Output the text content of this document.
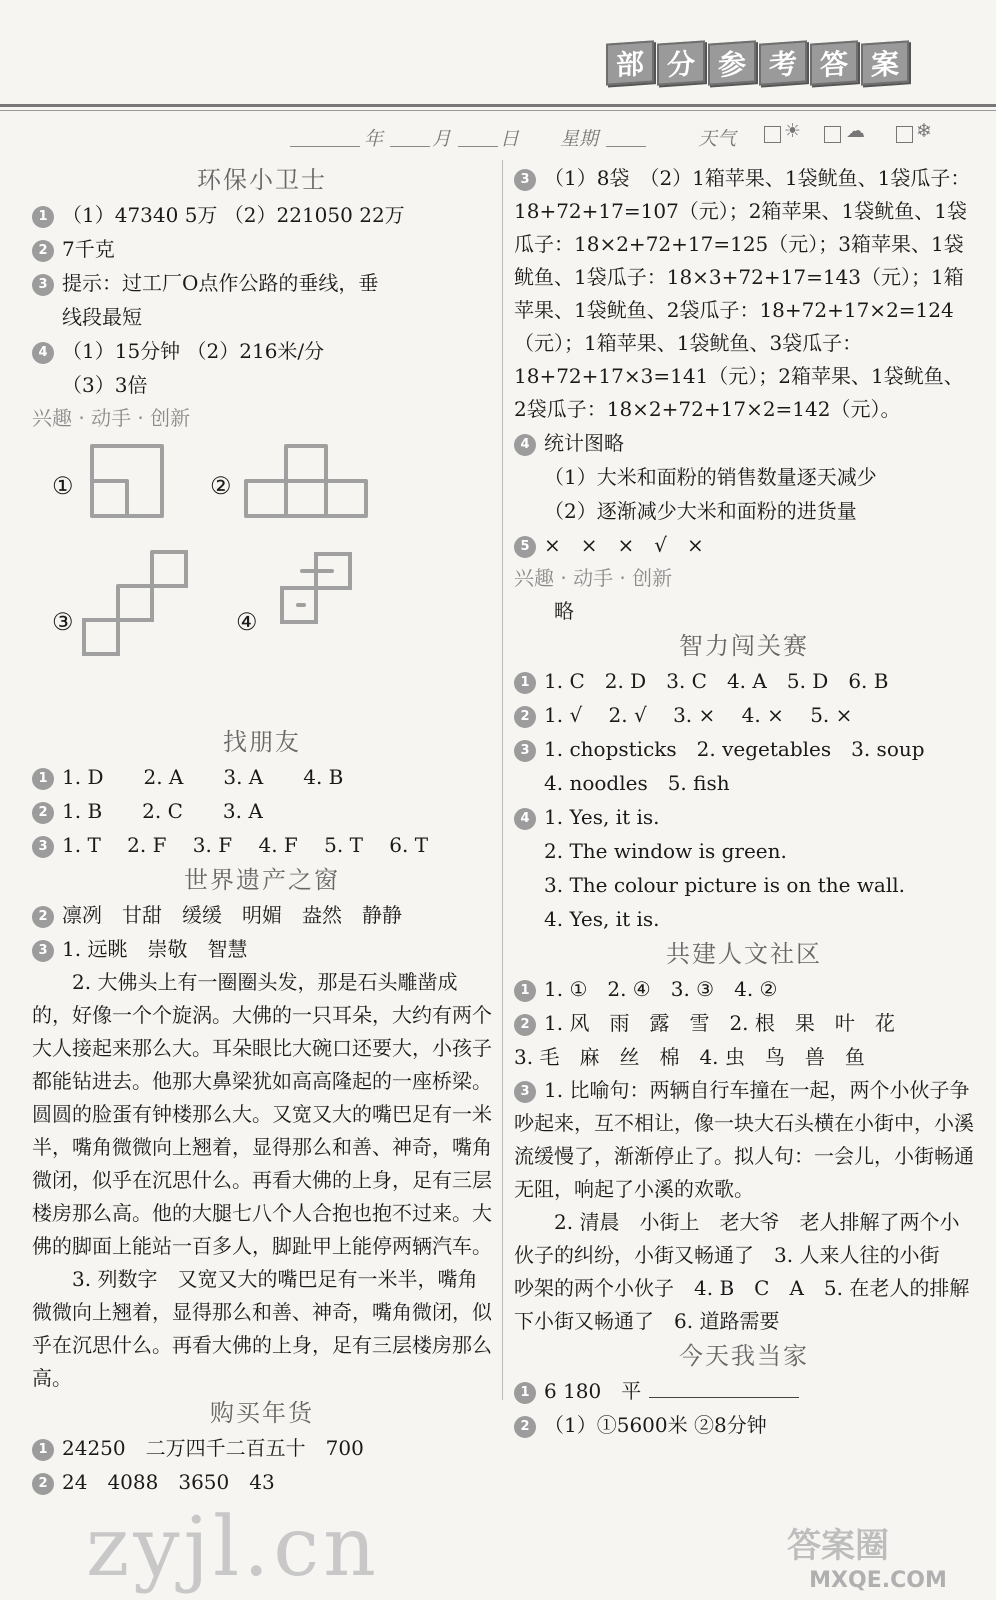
部 分 参 考 答 案
年	月	日 星期	天气	☀ ☁	❄
环保小卫士
1 （1）47340 5万 （2）221050 22万
2 7千克
3 提示：过工厂O点作公路的垂线，垂
线段最短
4 （1）15分钟 （2）216米/分
（3）3倍
兴趣 · 动手 · 创新
①	②
③	④
找朋友
1 1. D　　2. A　　3. A　　4. B
2 1. B　　2. C　　3. A
3 1. T　 2. F　 3. F　 4. F　 5. T　 6. T
世界遗产之窗
2 凛冽　甘甜　缓缓　明媚　盎然　静静
3 1. 远眺　崇敬　智慧
2. 大佛头上有一圈圈头发，那是石头雕凿成的，好像一个个旋涡。大佛的一只耳朵，大约有两个大人接起来那么大。耳朵眼比大碗口还要大，小孩子都能钻进去。他那大鼻梁犹如高高隆起的一座桥梁。圆圆的脸蛋有钟楼那么大。又宽又大的嘴巴足有一米半，嘴角微微向上翘着，显得那么和善、神奇，嘴角微闭，似乎在沉思什么。再看大佛的上身，足有三层楼房那么高。他的大腿七八个人合抱也抱不过来。大佛的脚面上能站一百多人，脚趾甲上能停两辆汽车。
3. 列数字　又宽又大的嘴巴足有一米半，嘴角微微向上翘着，显得那么和善、神奇，嘴角微闭，似乎在沉思什么。再看大佛的上身，足有三层楼房那么高。
购买年货
1 24250　二万四千二百五十　700
2 24　4088　3650　43
3 （1）8袋　（2）1箱苹果、1袋鱿鱼、1袋瓜子：18+72+17=107（元）；2箱苹果、1袋鱿鱼、1袋瓜子：18×2+72+17=125（元）；3箱苹果、1袋鱿鱼、1袋瓜子：18×3+72+17=143（元）；1箱苹果、1袋鱿鱼、2袋瓜子：18+72+17×2=124（元）；1箱苹果、1袋鱿鱼、3袋瓜子：18+72+17×3=141（元）；2箱苹果、1袋鱿鱼、2袋瓜子：18×2+72+17×2=142（元）。
4 统计图略
（1）大米和面粉的销售数量逐天减少
（2）逐渐减少大米和面粉的进货量
5 ×　×　×　√　×
兴趣 · 动手 · 创新
略
智力闯关赛
1 1. C　2. D　3. C　4. A　5. D　6. B
2 1. √　 2. √　 3. ×　 4. ×　 5. ×
3 1. chopsticks　2. vegetables　3. soup
4. noodles　5. fish
4 1. Yes, it is.
2. The window is green.
3. The colour picture is on the wall.
4. Yes, it is.
共建人文社区
1 1. ①　2. ④　3. ③　4. ②
2 1. 风　雨　露　雪　2. 根　果　叶　花
3. 毛　麻　丝　棉　4. 虫　鸟　兽　鱼
3 1. 比喻句：两辆自行车撞在一起，两个小伙子争吵起来，互不相让，像一块大石头横在小街中，小溪流缓慢了，渐渐停止了。拟人句：一会儿，小街畅通无阻，响起了小溪的欢歌。
2. 清晨　小街上　老大爷　老人排解了两个小伙子的纠纷，小街又畅通了　3. 人来人往的小街　吵架的两个小伙子　4. B　C　A　5. 在老人的排解下小街又畅通了　6. 道路需要
今天我当家
1 6 180　平
2 （1）①5600米 ②8分钟
zyjl.cn	答案圈
MXQE.COM
